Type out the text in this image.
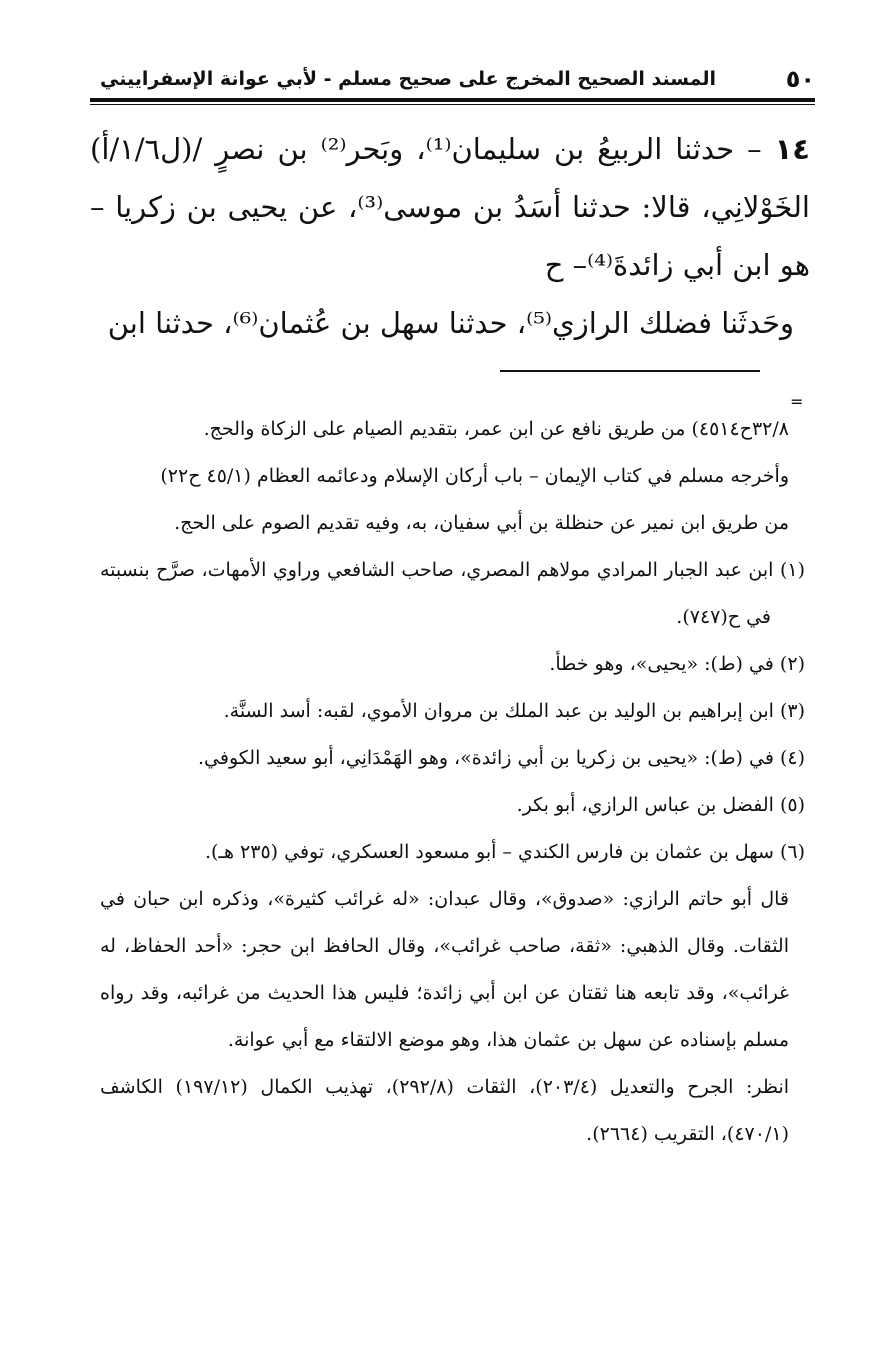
٥٠
المسند الصحيح المخرج على صحيح مسلم - لأبي عوانة الإسفراييني

١٤ – حدثنا الربيعُ بن سليمان⁽¹⁾، وبَحر⁽²⁾ بن نصرٍ /(ل١/٦/أ) الخَوْلانِي، قالا: حدثنا أسَدُ بن موسى⁽³⁾، عن يحيى بن زكريا –هو ابن أبي زائدةَ⁽⁴⁾– ح

وحَدثَنا فضلك الرازي⁽⁵⁾، حدثنا سهل بن عُثمان⁽⁶⁾، حدثنا ابن

=

٣٢/٨ح٤٥١٤) من طريق نافع عن ابن عمر، بتقديم الصيام على الزكاة والحج.

وأخرجه مسلم في كتاب الإيمان – باب أركان الإسلام ودعائمه العظام (٤٥/١ ح٢٢)

من طريق ابن نمير عن حنظلة بن أبي سفيان، به، وفيه تقديم الصوم على الحج.

(١) ابن عبد الجبار المرادي مولاهم المصري، صاحب الشافعي وراوي الأمهات، صرَّح بنسبته في ح(٧٤٧).

(٢) في (ط): «يحيى»، وهو خطأ.

(٣) ابن إبراهيم بن الوليد بن عبد الملك بن مروان الأموي، لقبه: أسد السنَّة.

(٤) في (ط): «يحيى بن زكريا بن أبي زائدة»، وهو الهَمْدَانِي، أبو سعيد الكوفي.

(٥) الفضل بن عباس الرازي، أبو بكر.

(٦) سهل بن عثمان بن فارس الكندي – أبو مسعود العسكري، توفي (٢٣٥ هـ).

قال أبو حاتم الرازي: «صدوق»، وقال عبدان: «له غرائب كثيرة»، وذكره ابن حبان في الثقات. وقال الذهبي: «ثقة، صاحب غرائب»، وقال الحافظ ابن حجر: «أحد الحفاظ، له غرائب»، وقد تابعه هنا ثقتان عن ابن أبي زائدة؛ فليس هذا الحديث من غرائبه، وقد رواه مسلم بإسناده عن سهل بن عثمان هذا، وهو موضع الالتقاء مع أبي عوانة.

انظر: الجرح والتعديل (٢٠٣/٤)، الثقات (٢٩٢/٨)، تهذيب الكمال (١٩٧/١٢) الكاشف (٤٧٠/١)، التقريب (٢٦٦٤).
